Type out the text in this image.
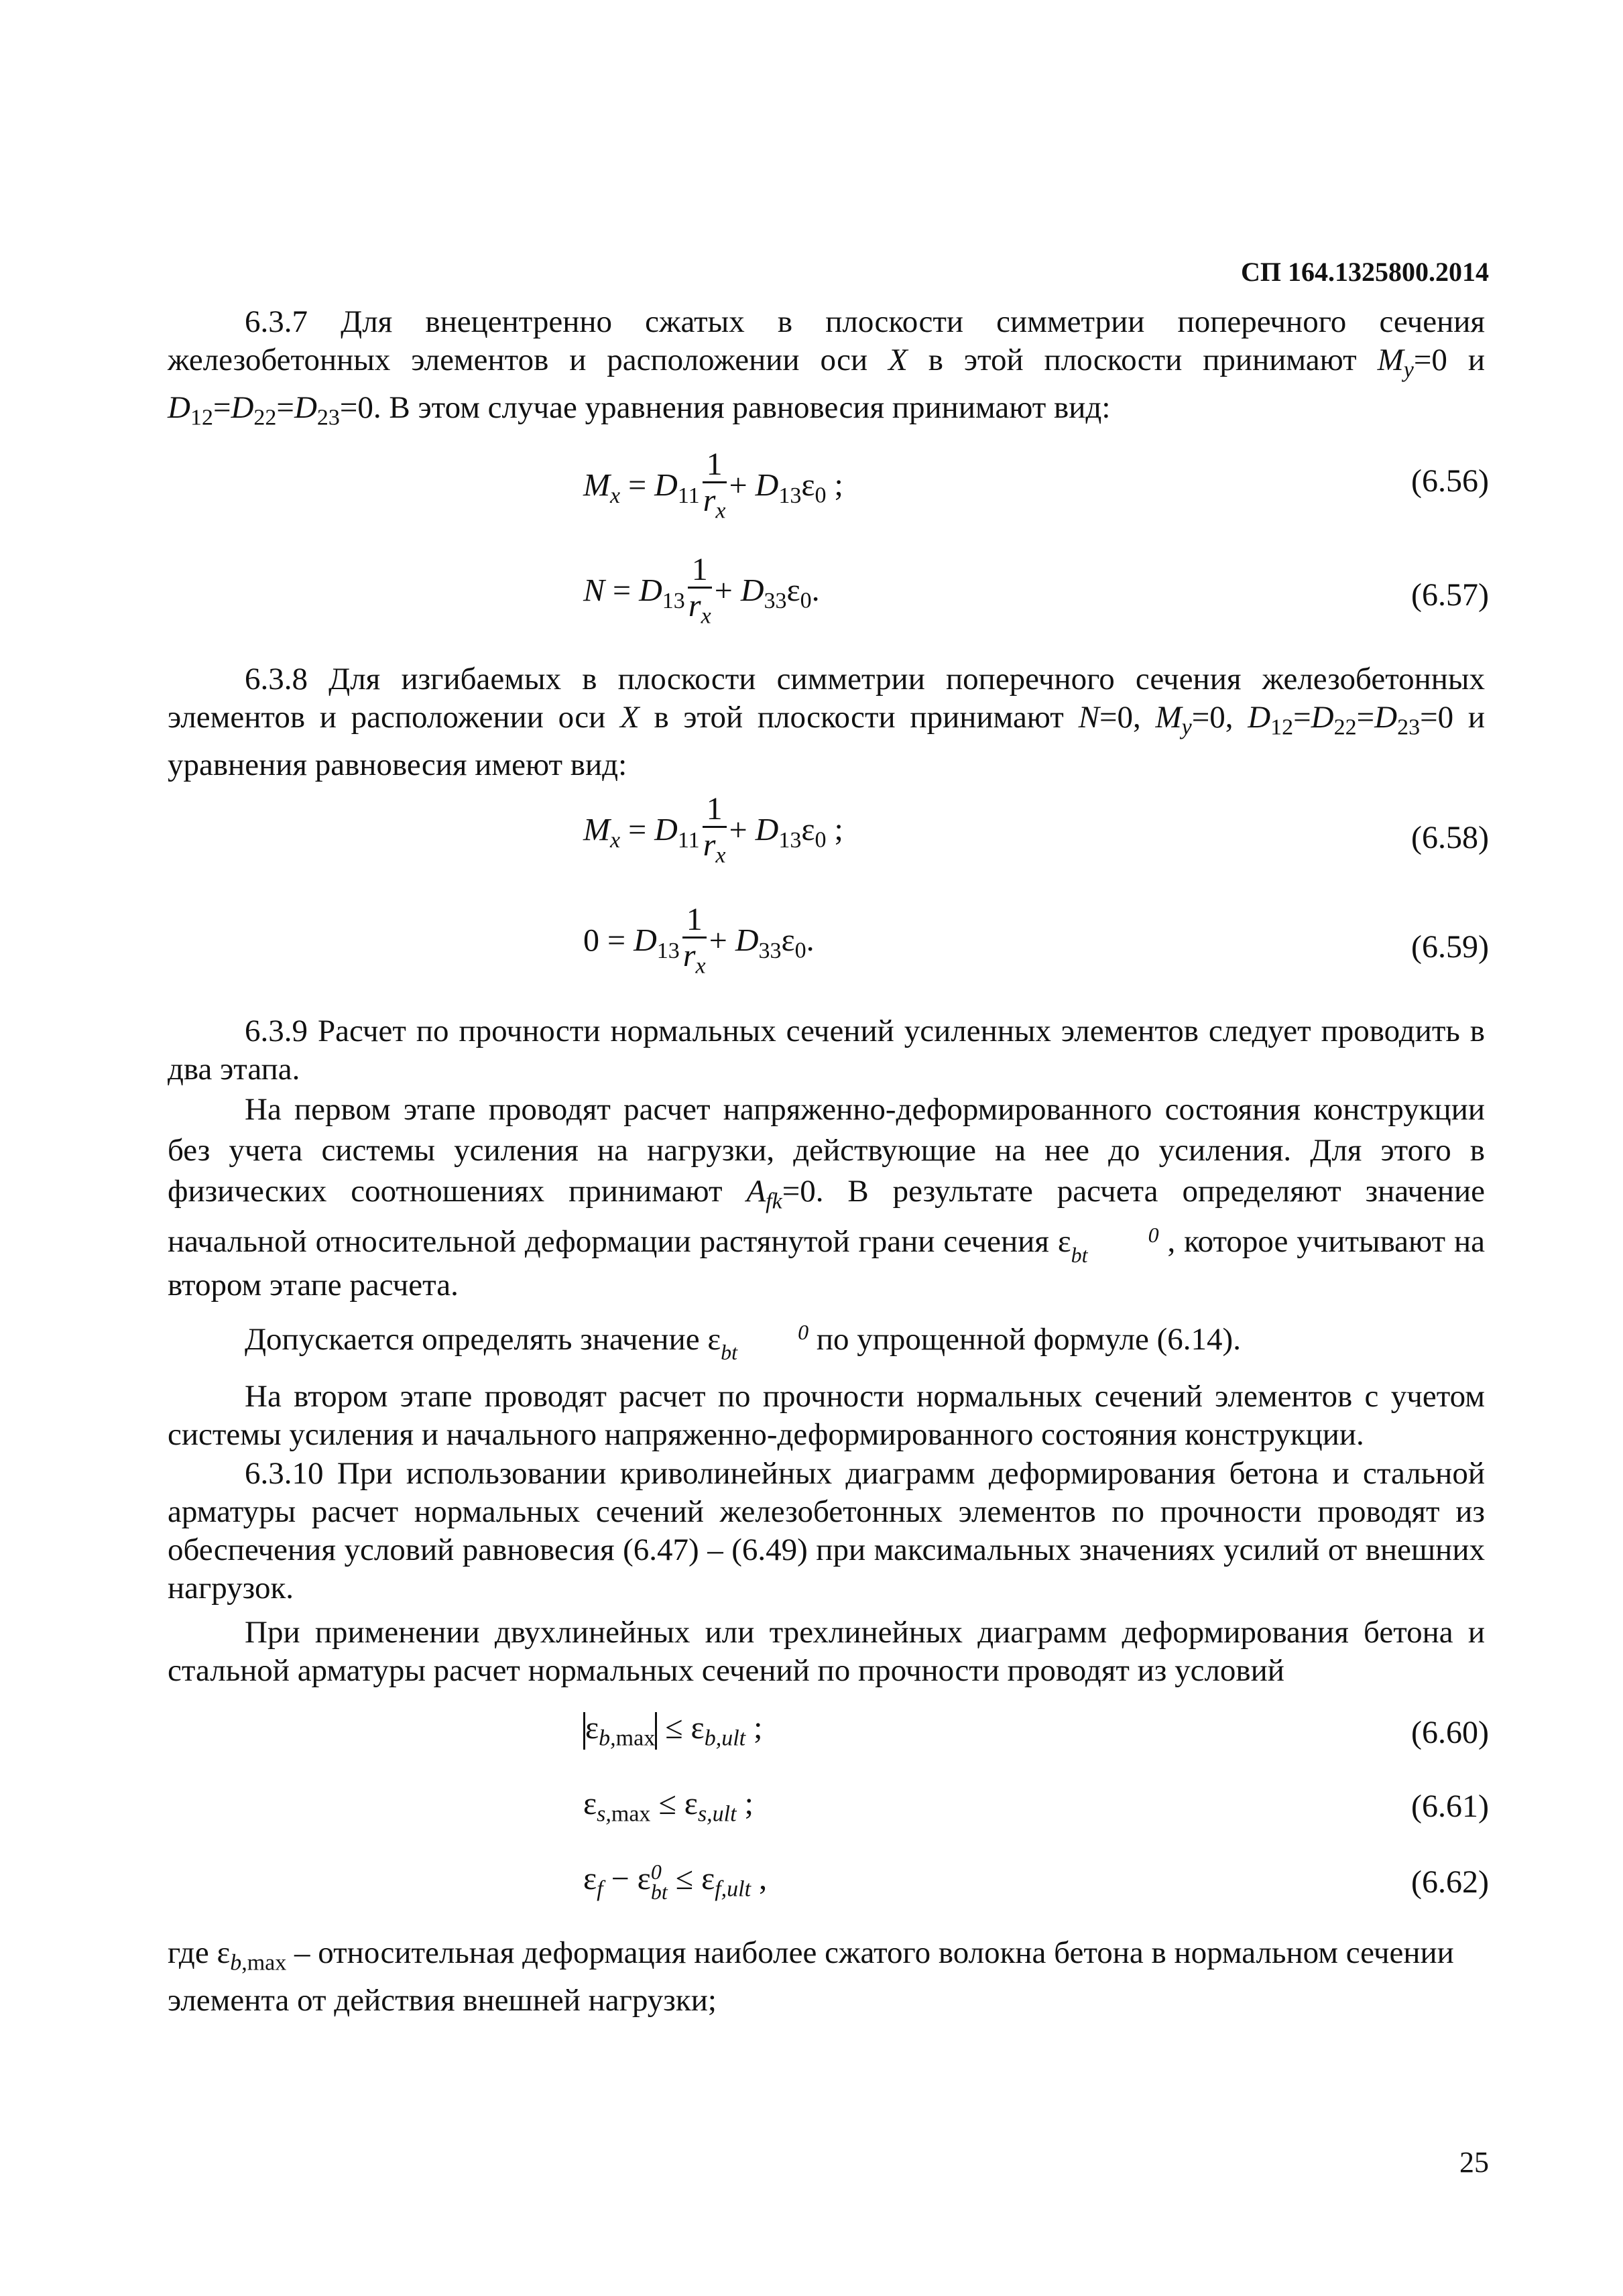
СП 164.1325800.2014
6.3.7 Для внецентренно сжатых в плоскости симметрии поперечного сечения железобетонных элементов и расположении оси X в этой плоскости принимают $M_y=0$ и $D_{12}=D_{22}=D_{23}=0$. В этом случае уравнения равновесия принимают вид:
$M_x = D_{11} \frac{1}{r_x} + D_{13}\varepsilon_0$ ;	(6.56)
$N = D_{13} \frac{1}{r_x} + D_{33}\varepsilon_0$.	(6.57)
6.3.8 Для изгибаемых в плоскости симметрии поперечного сечения железобетонных элементов и расположении оси X в этой плоскости принимают N=0, $M_y=0$, $D_{12}=D_{22}=D_{23}=0$ и уравнения равновесия имеют вид:
$M_x = D_{11} \frac{1}{r_x} + D_{13}\varepsilon_0$ ;	(6.58)
$0 = D_{13} \frac{1}{r_x} + D_{33}\varepsilon_0$.	(6.59)
6.3.9 Расчет по прочности нормальных сечений усиленных элементов следует проводить в два этапа.
На первом этапе проводят расчет напряженно-деформированного состояния конструкции без учета системы усиления на нагрузки, действующие на нее до усиления. Для этого в физических соотношениях принимают $A_{fk}=0$. В результате расчета определяют значение начальной относительной деформации растянутой грани сечения ε	0
bt , которое учитывают на втором этапе расчета.
Допускается определять значение ε	0
bt по упрощенной формуле (6.14).
На втором этапе проводят расчет по прочности нормальных сечений элементов с учетом системы усиления и начального напряженно-деформированного состояния конструкции.
6.3.10 При использовании криволинейных диаграмм деформирования бетона и стальной арматуры расчет нормальных сечений железобетонных элементов по прочности проводят из обеспечения условий равновесия (6.47) – (6.49) при максимальных значениях усилий от внешних нагрузок.
При применении двухлинейных или трехлинейных диаграмм деформирования бетона и стальной арматуры расчет нормальных сечений по прочности проводят из условий
$\varepsilon_{b,max} \le \varepsilon_{b,ult}$ ;	(6.60)
$\varepsilon_{s,max} \le \varepsilon_{s,ult}$ ;	(6.61)
$\varepsilon_f - \varepsilon 0$
bt ≤ $\varepsilon_{f,ult}$ ,	(6.62)
где $\varepsilon_{b,max}$ – относительная деформация наиболее сжатого волокна бетона в нормальном сечении элемента от действия внешней нагрузки;
25
